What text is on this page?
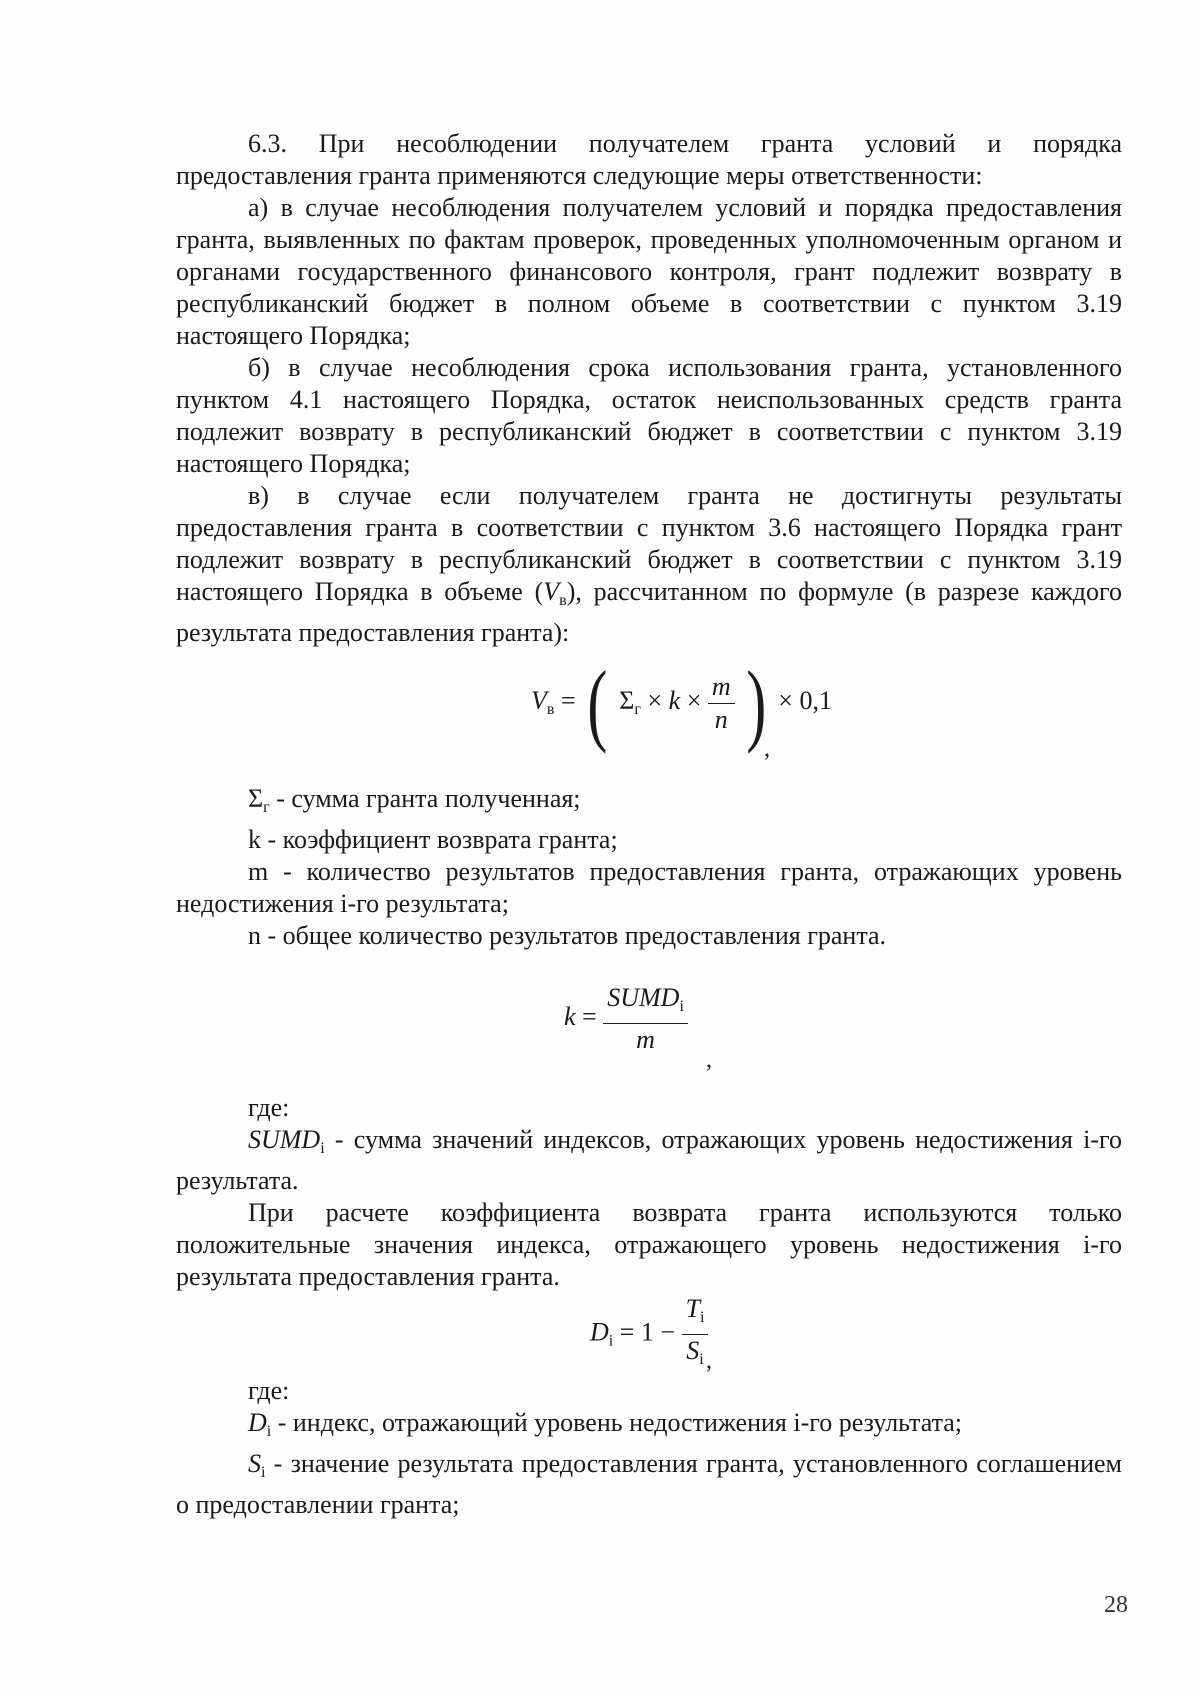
6.3. При несоблюдении получателем гранта условий и порядка предоставления гранта применяются следующие меры ответственности:

а) в случае несоблюдения получателем условий и порядка предоставления гранта, выявленных по фактам проверок, проведенных уполномоченным органом и органами государственного финансового контроля, грант подлежит возврату в республиканский бюджет в полном объеме в соответствии с пунктом 3.19 настоящего Порядка;

б) в случае несоблюдения срока использования гранта, установленного пунктом 4.1 настоящего Порядка, остаток неиспользованных средств гранта подлежит возврату в республиканский бюджет в соответствии с пунктом 3.19 настоящего Порядка;

в) в случае если получателем гранта не достигнуты результаты предоставления гранта в соответствии с пунктом 3.6 настоящего Порядка грант подлежит возврату в республиканский бюджет в соответствии с пунктом 3.19 настоящего Порядка в объеме $(V_в)$, рассчитанном по формуле (в разрезе каждого результата предоставления гранта):

$V_в$ = ( $\Sigma_г \times k \times \frac{m}{n}$ ) × 0,1
,

$\Sigma_г$ - сумма гранта полученная;

k - коэффициент возврата гранта;

m - количество результатов предоставления гранта, отражающих уровень недостижения i-го результата;

n - общее количество результатов предоставления гранта.

$k = \frac{SUMD_i}{m}$
,

где:

$SUMD_i$ - сумма значений индексов, отражающих уровень недостижения i-го результата.

При расчете коэффициента возврата гранта используются только положительные значения индекса, отражающего уровень недостижения i-го результата предоставления гранта.

$D_i = 1 - \frac{T_i}{S_i}$
,

где:

$D_i$ - индекс, отражающий уровень недостижения i-го результата;

$S_i$ - значение результата предоставления гранта, установленного соглашением о предоставлении гранта;

28
